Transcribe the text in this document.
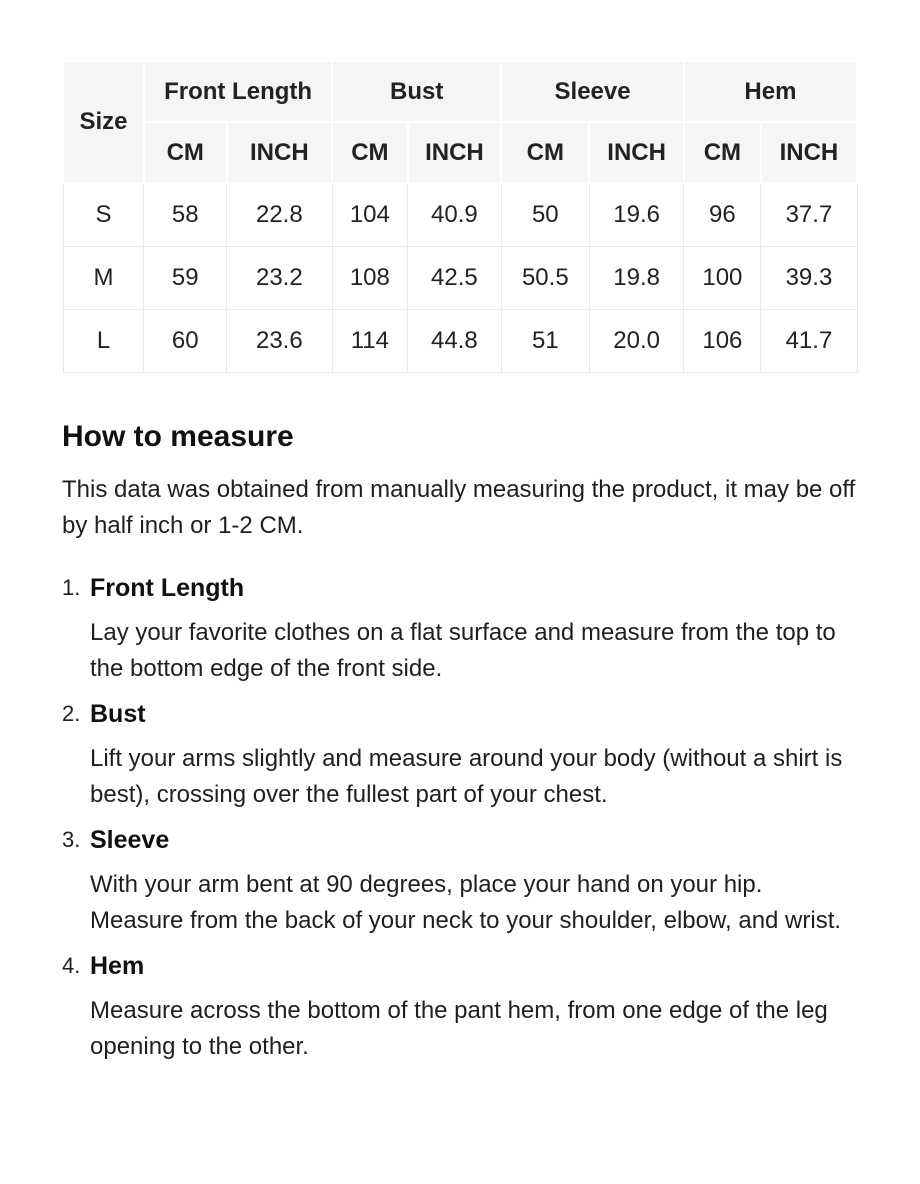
Size	Front Length		Bust		Sleeve		Hem	
	CM	INCH	CM	INCH	CM	INCH	CM	INCH
S	58	22.8	104	40.9	50	19.6	96	37.7
M	59	23.2	108	42.5	50.5	19.8	100	39.3
L	60	23.6	114	44.8	51	20.0	106	41.7
How to measure

This data was obtained from manually measuring the product, it may be off by half inch or 1-2 CM.

1. Front Length
Lay your favorite clothes on a flat surface and measure from the top to the bottom edge of the front side.
2. Bust
Lift your arms slightly and measure around your body (without a shirt is best), crossing over the fullest part of your chest.
3. Sleeve
With your arm bent at 90 degrees, place your hand on your hip. Measure from the back of your neck to your shoulder, elbow, and wrist.
4. Hem
Measure across the bottom of the pant hem, from one edge of the leg opening to the other.
